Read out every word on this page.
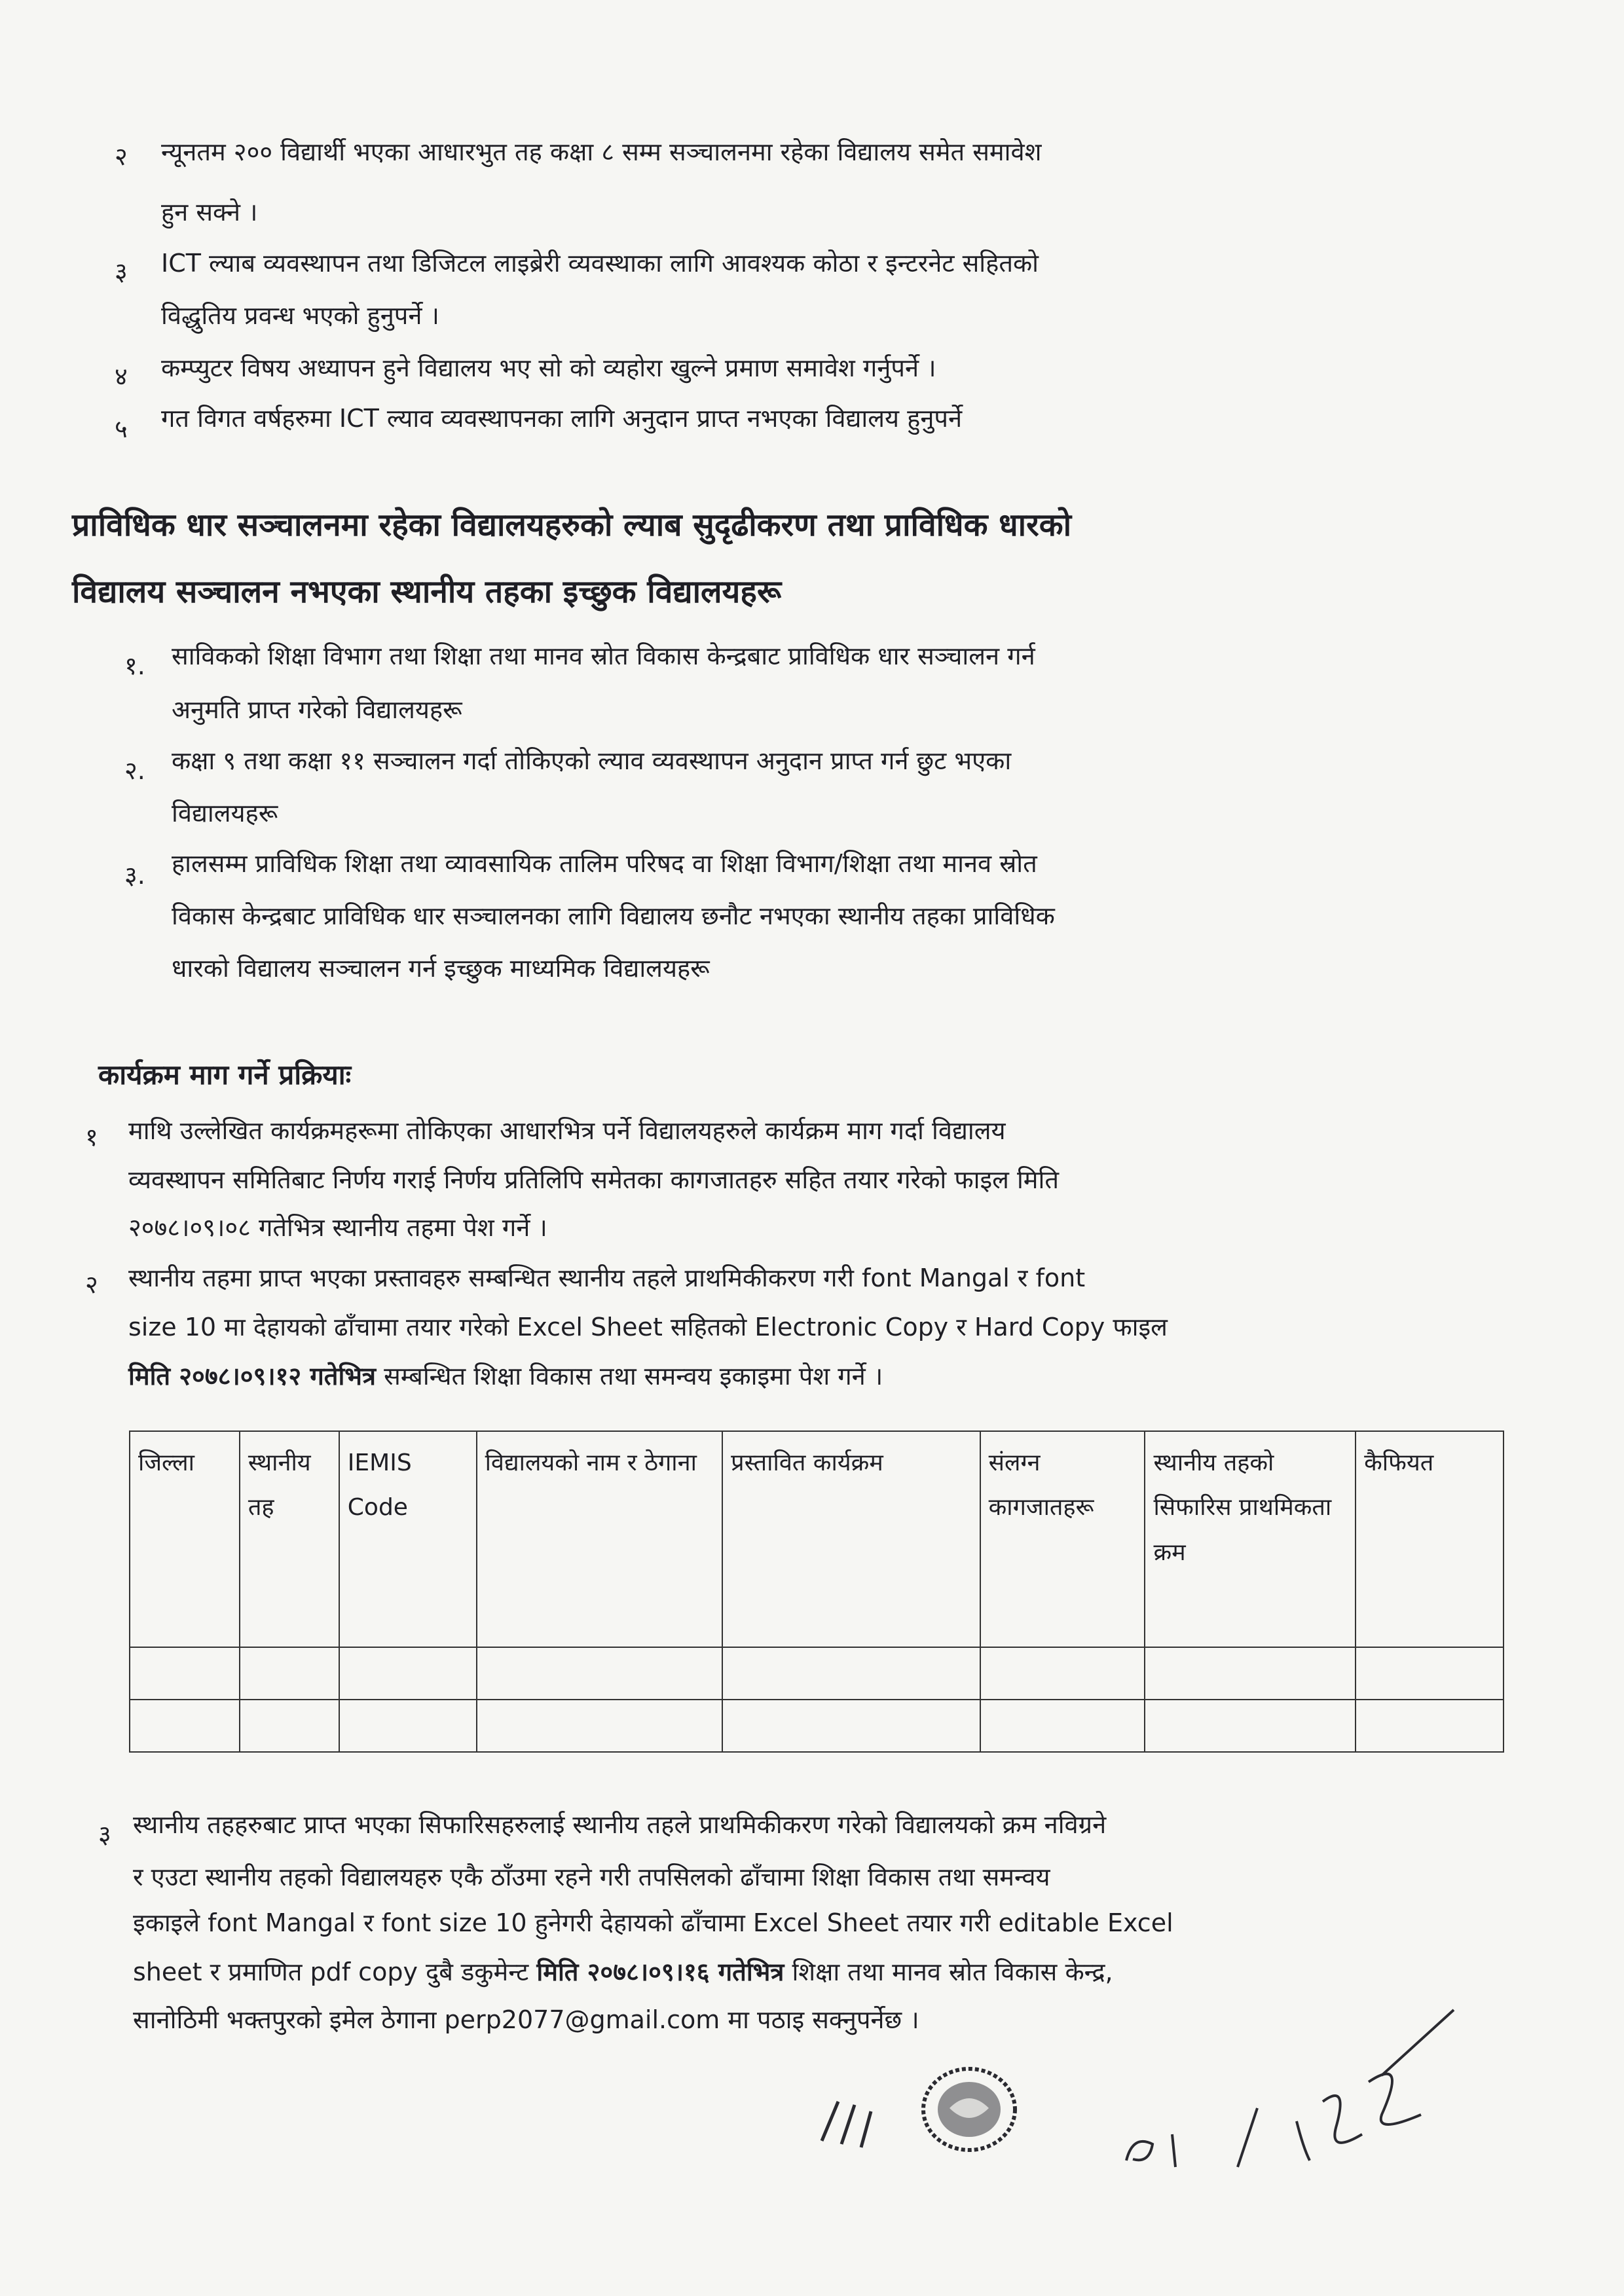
२ न्यूनतम २०० विद्यार्थी भएका आधारभुत तह कक्षा ८ सम्म सञ्चालनमा रहेका विद्यालय समेत समावेश
हुन सक्ने ।
३ ICT ल्याब व्यवस्थापन तथा डिजिटल लाइब्रेरी व्यवस्थाका लागि आवश्यक कोठा र इन्टरनेट सहितको
विद्धुतिय प्रवन्ध भएको हुनुपर्ने ।
४ कम्प्युटर विषय अध्यापन हुने विद्यालय भए सो को व्यहोरा खुल्ने प्रमाण समावेश गर्नुपर्ने ।
५ गत विगत वर्षहरुमा ICT ल्याव व्यवस्थापनका लागि अनुदान प्राप्त नभएका विद्यालय हुनुपर्ने
प्राविधिक धार सञ्चालनमा रहेका विद्यालयहरुको ल्याब सुदृढीकरण तथा प्राविधिक धारको
विद्यालय सञ्चालन नभएका स्थानीय तहका इच्छुक विद्यालयहरू
१. साविकको शिक्षा विभाग तथा शिक्षा तथा मानव स्रोत विकास केन्द्रबाट प्राविधिक धार सञ्चालन गर्न
अनुमति प्राप्त गरेको विद्यालयहरू
२. कक्षा ९ तथा कक्षा ११ सञ्चालन गर्दा तोकिएको ल्याव व्यवस्थापन अनुदान प्राप्त गर्न छुट भएका
विद्यालयहरू
३. हालसम्म प्राविधिक शिक्षा तथा व्यावसायिक तालिम परिषद वा शिक्षा विभाग/शिक्षा तथा मानव स्रोत
विकास केन्द्रबाट प्राविधिक धार सञ्चालनका लागि विद्यालय छनौट नभएका स्थानीय तहका प्राविधिक
धारको विद्यालय सञ्चालन गर्न इच्छुक माध्यमिक विद्यालयहरू
कार्यक्रम माग गर्ने प्रक्रियाः
१ माथि उल्लेखित कार्यक्रमहरूमा तोकिएका आधारभित्र पर्ने विद्यालयहरुले कार्यक्रम माग गर्दा विद्यालय
व्यवस्थापन समितिबाट निर्णय गराई निर्णय प्रतिलिपि समेतका कागजातहरु सहित तयार गरेको फाइल मिति
२०७८।०९।०८ गतेभित्र स्थानीय तहमा पेश गर्ने ।
२ स्थानीय तहमा प्राप्त भएका प्रस्तावहरु सम्बन्धित स्थानीय तहले प्राथमिकीकरण गरी font Mangal र font
size 10 मा देहायको ढाँचामा तयार गरेको Excel Sheet सहितको Electronic Copy र Hard Copy फाइल
मिति २०७८।०९।१२ गतेभित्र सम्बन्धित शिक्षा विकास तथा समन्वय इकाइमा पेश गर्ने ।
३ स्थानीय तहहरुबाट प्राप्त भएका सिफारिसहरुलाई स्थानीय तहले प्राथमिकीकरण गरेको विद्यालयको क्रम नविग्रने
र एउटा स्थानीय तहको विद्यालयहरु एकै ठाँउमा रहने गरी तपसिलको ढाँचामा शिक्षा विकास तथा समन्वय
इकाइले font Mangal र font size 10 हुनेगरी देहायको ढाँचामा Excel Sheet तयार गरी editable Excel
sheet र प्रमाणित pdf copy दुबै डकुमेन्ट मिति २०७८।०९।१६ गतेभित्र शिक्षा तथा मानव स्रोत विकास केन्द्र,
सानोठिमी भक्तपुरको इमेल ठेगाना perp2077@gmail.com मा पठाइ सक्नुपर्नेछ ।
जिल्ला	स्थानीय तह	IEMIS Code	विद्यालयको नाम र ठेगाना	प्रस्तावित कार्यक्रम	संलग्न कागजातहरू	स्थानीय तहको सिफारिस प्राथमिकता क्रम	कैफियत
